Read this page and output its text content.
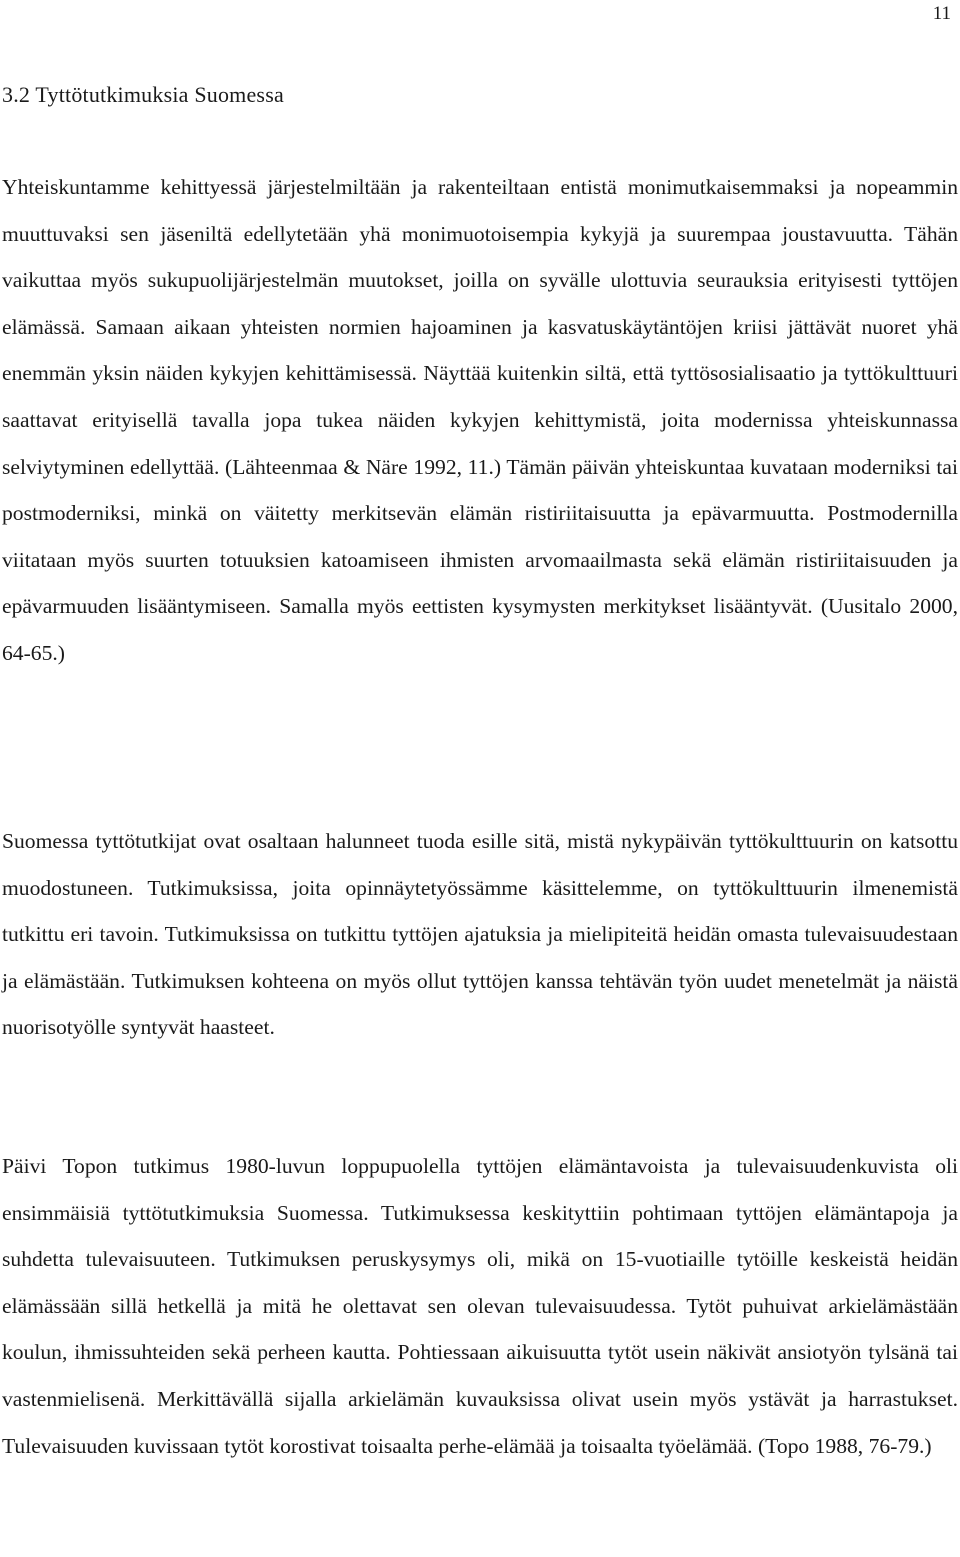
11
3.2 Tyttötutkimuksia Suomessa

Yhteiskuntamme kehittyessä järjestelmiltään ja rakenteiltaan entistä monimutkaisemmaksi ja nopeammin muuttuvaksi sen jäseniltä edellytetään yhä monimuotoisempia kykyjä ja suurempaa joustavuutta. Tähän vaikuttaa myös sukupuolijärjestelmän muutokset, joilla on syvälle ulottuvia seurauksia erityisesti tyttöjen elämässä. Samaan aikaan yhteisten normien hajoaminen ja kasvatuskäytäntöjen kriisi jättävät nuoret yhä enemmän yksin näiden kykyjen kehittämisessä. Näyttää kuitenkin siltä, että tyttösosialisaatio ja tyttökulttuuri saattavat erityisellä tavalla jopa tukea näiden kykyjen kehittymistä, joita modernissa yhteiskunnassa selviytyminen edellyttää. (Lähteenmaa & Näre 1992, 11.) Tämän päivän yhteiskuntaa kuvataan moderniksi tai postmoderniksi, minkä on väitetty merkitsevän elämän ristiriitaisuutta ja epävarmuutta. Postmodernilla viitataan myös suurten totuuksien katoamiseen ihmisten arvomaailmasta sekä elämän ristiriitaisuuden ja epävarmuuden lisääntymiseen. Samalla myös eettisten kysymysten merkitykset lisääntyvät. (Uusitalo 2000, 64-65.)

Suomessa tyttötutkijat ovat osaltaan halunneet tuoda esille sitä, mistä nykypäivän tyttökulttuurin on katsottu muodostuneen. Tutkimuksissa, joita opinnäytetyössämme käsittelemme, on tyttökulttuurin ilmenemistä tutkittu eri tavoin. Tutkimuksissa on tutkittu tyttöjen ajatuksia ja mielipiteitä heidän omasta tulevaisuudestaan ja elämästään. Tutkimuksen kohteena on myös ollut tyttöjen kanssa tehtävän työn uudet menetelmät ja näistä nuorisotyölle syntyvät haasteet.

Päivi Topon tutkimus 1980-luvun loppupuolella tyttöjen elämäntavoista ja tulevaisuudenkuvista oli ensimmäisiä tyttötutkimuksia Suomessa. Tutkimuksessa keskityttiin pohtimaan tyttöjen elämäntapoja ja suhdetta tulevaisuuteen. Tutkimuksen peruskysymys oli, mikä on 15-vuotiaille tytöille keskeistä heidän elämässään sillä hetkellä ja mitä he olettavat sen olevan tulevaisuudessa. Tytöt puhuivat arkielämästään koulun, ihmissuhteiden sekä perheen kautta. Pohtiessaan aikuisuutta tytöt usein näkivät ansiotyön tylsänä tai vastenmielisenä. Merkittävällä sijalla arkielämän kuvauksissa olivat usein myös ystävät ja harrastukset. Tulevaisuuden kuvissaan tytöt korostivat toisaalta perhe-elämää ja toisaalta työelämää. (Topo 1988, 76-79.)
